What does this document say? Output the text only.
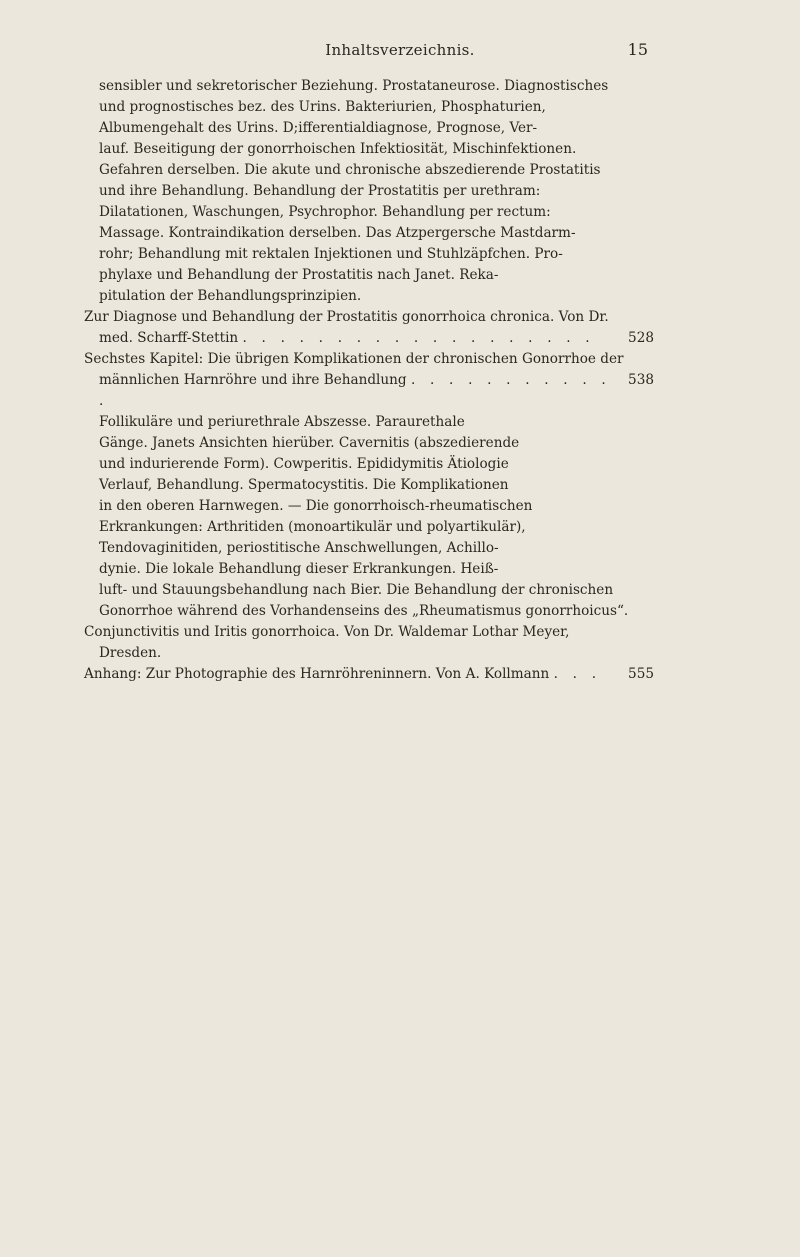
Inhaltsverzeichnis.	15

sensibler und sekretorischer Beziehung. Prostataneurose. Diagnostisches

und prognostisches bez. des Urins. Bakteriurien, Phosphaturien,

Albumengehalt des Urins. D;ifferentialdiagnose, Prognose, Ver-

lauf. Beseitigung der gonorrhoischen Infektiosität, Mischinfektionen.

Gefahren derselben. Die akute und chronische abszedierende Prostatitis

und ihre Behandlung. Behandlung der Prostatitis per urethram:

Dilatationen, Waschungen, Psychrophor. Behandlung per rectum:

Massage. Kontraindikation derselben. Das Atzpergersche Mastdarm-

rohr; Behandlung mit rektalen Injektionen und Stuhlzäpfchen. Pro-

phylaxe und Behandlung der Prostatitis nach Janet. Reka-

pitulation der Behandlungsprinzipien.

Zur Diagnose und Behandlung der Prostatitis gonorrhoica chronica. Von Dr.
med. Scharff-Stettin . . . . . . . . . . . . . . . . . . . 528
Sechstes Kapitel: Die übrigen Komplikationen der chronischen Gonorrhoe der
männlichen Harnröhre und ihre Behandlung . . . . . . . . . . . .
538

Follikuläre und periurethrale Abszesse. Paraurethale

Gänge. Janets Ansichten hierüber. Cavernitis (abszedierende

und indurierende Form). Cowperitis. Epididymitis Ätiologie

Verlauf, Behandlung. Spermatocystitis. Die Komplikationen

in den oberen Harnwegen. — Die gonorrhoisch-rheumatischen

Erkrankungen: Arthritiden (monoartikulär und polyartikulär),

Tendovaginitiden, periostitische Anschwellungen, Achillo-

dynie. Die lokale Behandlung dieser Erkrankungen. Heiß-

luft- und Stauungsbehandlung nach Bier. Die Behandlung der chronischen

Gonorrhoe während des Vorhandenseins des „Rheumatismus gonorrhoicus“.

Conjunctivitis und Iritis gonorrhoica. Von Dr. Waldemar Lothar Meyer,
Dresden.
Anhang: Zur Photographie des Harnröhreninnern. Von A. Kollmann . . . 555
